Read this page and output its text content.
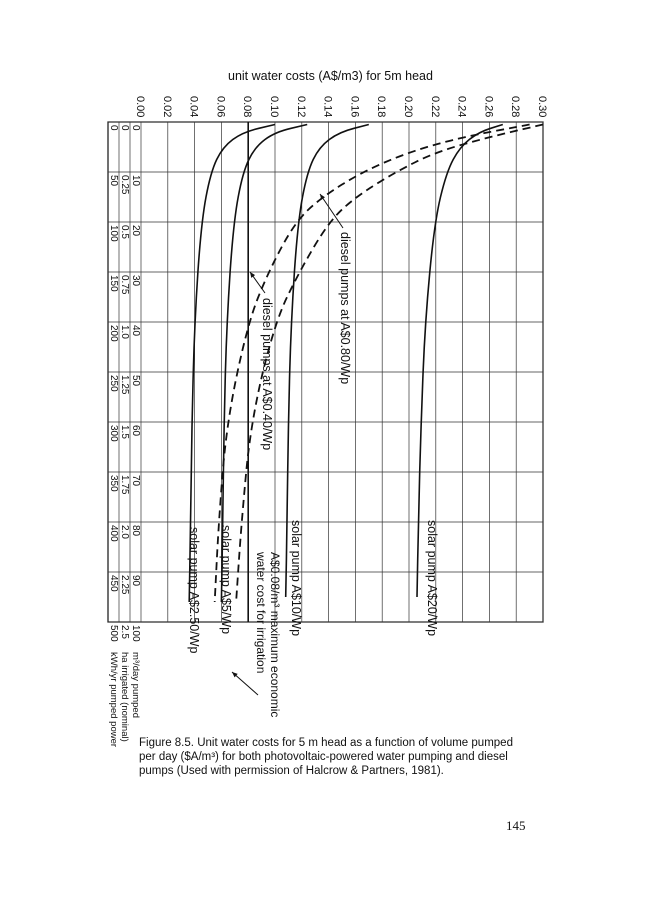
0.00 0.02 0.04 0.06 0.08 0.10 0.12 0.14 0.16 0.18 0.20 0.22 0.24 0.26 0.28 0.30
unit water costs (A$/m3) for 5m head
0
50
100
150
200
250
300
350
400
450
500
kWh/yr pumped power
0
0.25
0.5
0.75
1.0
1.25
1.5
1.75
2.0
2.25
2.5
ha irrigated (nominal)
0
10
20
30
40
50
60
70
80
90
100
m³/day pumped
solar pump A$20/Wp
solar pump A$10/Wp
solar pump A$5/Wp
solar pump A$2.50/Wp
diesel pumps at A$0.80/Wp
diesel pumps at A$0.40/Wp
A$0.08/m³ maximum economic
water cost for irrigation
Figure 8.5. Unit water costs for 5 m head as a function of volume pumped per day ($A/m³) for both photovoltaic-powered water pumping and diesel pumps (Used with permission of Halcrow & Partners, 1981).
145
